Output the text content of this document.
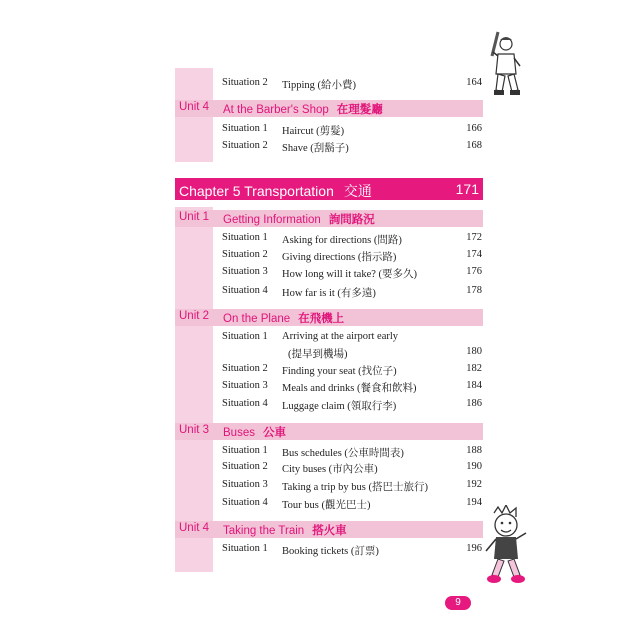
Situation 2 Tipping (給小費)	164
Unit 4 At the Barber's Shop 在理髮廳
Situation 1 Haircut (剪髮)	166
Situation 2 Shave (刮鬍子)	168
Chapter 5 Transportation 交通	171
Unit 1 Getting Information 詢問路況
Situation 1 Asking for directions (問路)	172
Situation 2 Giving directions (指示路)	174
Situation 3 How long will it take? (要多久)	176
Situation 4 How far is it (有多遠)	178
Unit 2 On the Plane 在飛機上
Situation 1 Arriving at the airport early
(提早到機場)	180
Situation 2 Finding your seat (找位子)	182
Situation 3 Meals and drinks (餐食和飲料)	184
Situation 4 Luggage claim (領取行李)	186
Unit 3 Buses 公車
Situation 1 Bus schedules (公車時間表)	188
Situation 2 City buses (市內公車)	190
Situation 3 Taking a trip by bus (搭巴士旅行)	192
Situation 4 Tour bus (觀光巴士)	194
Unit 4 Taking the Train 搭火車
Situation 1 Booking tickets (訂票)	196
9
